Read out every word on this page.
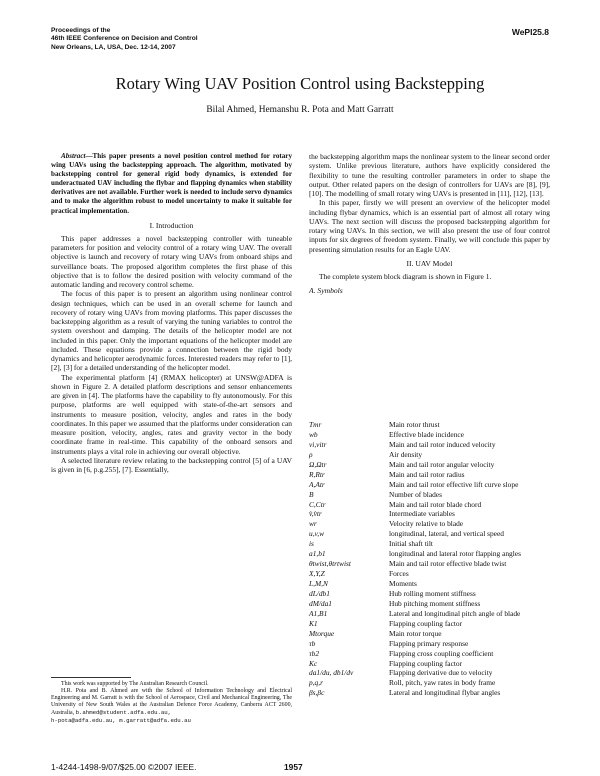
Proceedings of the
46th IEEE Conference on Decision and Control
New Orleans, LA, USA, Dec. 12-14, 2007
WePI25.8
Rotary Wing UAV Position Control using Backstepping
Bilal Ahmed, Hemanshu R. Pota and Matt Garratt

Abstract—This paper presents a novel position control method for rotary wing UAVs using the backstepping approach. The algorithm, motivated by backstepping control for general rigid body dynamics, is extended for underactuated UAV including the flybar and flapping dynamics when stability derivatives are not available. Further work is needed to include servo dynamics and to make the algorithm robust to model uncertainty to make it suitable for practical implementation.

I. Introduction

This paper addresses a novel backstepping controller with tuneable parameters for position and velocity control of a rotary wing UAV. The overall objective is launch and recovery of rotary wing UAVs from onboard ships and surveillance boats. The proposed algorithm completes the first phase of this objective that is to follow the desired position with velocity command of the automatic landing and recovery control scheme.

The focus of this paper is to present an algorithm using nonlinear control design techniques, which can be used in an overall scheme for launch and recovery of rotary wing UAVs from moving platforms. This paper discusses the backstepping algorithm as a result of varying the tuning variables to control the system overshoot and damping. The details of the helicopter model are not included in this paper. Only the important equations of the helicopter model are included. These equations provide a connection between the rigid body dynamics and helicopter aerodynamic forces. Interested readers may refer to [1], [2], [3] for a detailed understanding of the helicopter model.

The experimental platform [4] (RMAX helicopter) at UNSW@ADFA is shown in Figure 2. A detailed platform descriptions and sensor enhancements are given in [4]. The platforms have the capability to fly autonomously. For this purpose, platforms are well equipped with state-of-the-art sensors and instruments to measure position, velocity, angles and rates in the body coordinates. In this paper we assumed that the platforms under consideration can measure position, velocity, angles, rates and gravity vector in the body coordinate frame in real-time. This capability of the onboard sensors and instruments plays a vital role in achieving our overall objective.

A selected literature review relating to the backstepping control [5] of a UAV is given in [6, p.g.255], [7]. Essentially,

This work was supported by The Australian Research Council.
H.R. Pota and B. Ahmed are with the School of Information Technology and Electrical Engineering and M. Garratt is with the School of Aerospace, Civil and Mechanical Engineering, The University of New South Wales at the Australian Defence Force Academy, Canberra ACT 2600, Australia, b.ahmed@student.adfa.edu.au,
h-pota@adfa.edu.au, m.garratt@adfa.edu.au

the backstepping algorithm maps the nonlinear system to the linear second order system. Unlike previous literature, authors have explicitly considered the flexibility to tune the resulting controller parameters in order to shape the output. Other related papers on the design of controllers for UAVs are [8], [9], [10]. The modelling of small rotary wing UAVs is presented in [11], [12], [13].

In this paper, firstly we will present an overview of the helicopter model including flybar dynamics, which is an essential part of almost all rotary wing UAVs. The next section will discuss the proposed backstepping algorithm for rotary wing UAVs. In this section, we will also present the use of four control inputs for six degrees of freedom system. Finally, we will conclude this paper by presenting simulation results for an Eagle UAV.

II. UAV Model

The complete system block diagram is shown in Figure 1.

A. Symbols
Tmr	Main rotor thrust
wb	Effective blade incidence
vi,vitr	Main and tail rotor induced velocity
ρ	Air density
Ω,Ωtr	Main and tail rotor angular velocity
R,Rtr	Main and tail rotor radius
A,Atr	Main and tail rotor effective lift curve slope
B	Number of blades
C,Ctr	Main and tail rotor blade chord
v̂,v̂tr	Intermediate variables
wr	Velocity relative to blade
u,v,w	longitudinal, lateral, and vertical speed
is	Initial shaft tilt
a1,b1	longitudinal and lateral rotor flapping angles
θtwist,θtrtwist	Main and tail rotor effective blade twist
X,Y,Z	Forces
L,M,N	Moments
dL/db1	Hub rolling moment stiffness
dM/da1	Hub pitching moment stiffness
A1,B1	Lateral and longitudinal pitch angle of blade
K1	Flapping coupling factor
Mtorque	Main rotor torque
τb	Flapping primary response
τb2	Flapping cross coupling coefficient
Kc	Flapping coupling factor
da1/du, db1/dv	Flapping derivative due to velocity
p,q,r	Roll, pitch, yaw rates in body frame
βs,βc	Lateral and longitudinal flybar angles
1-4244-1498-9/07/$25.00 ©2007 IEEE.	1957
